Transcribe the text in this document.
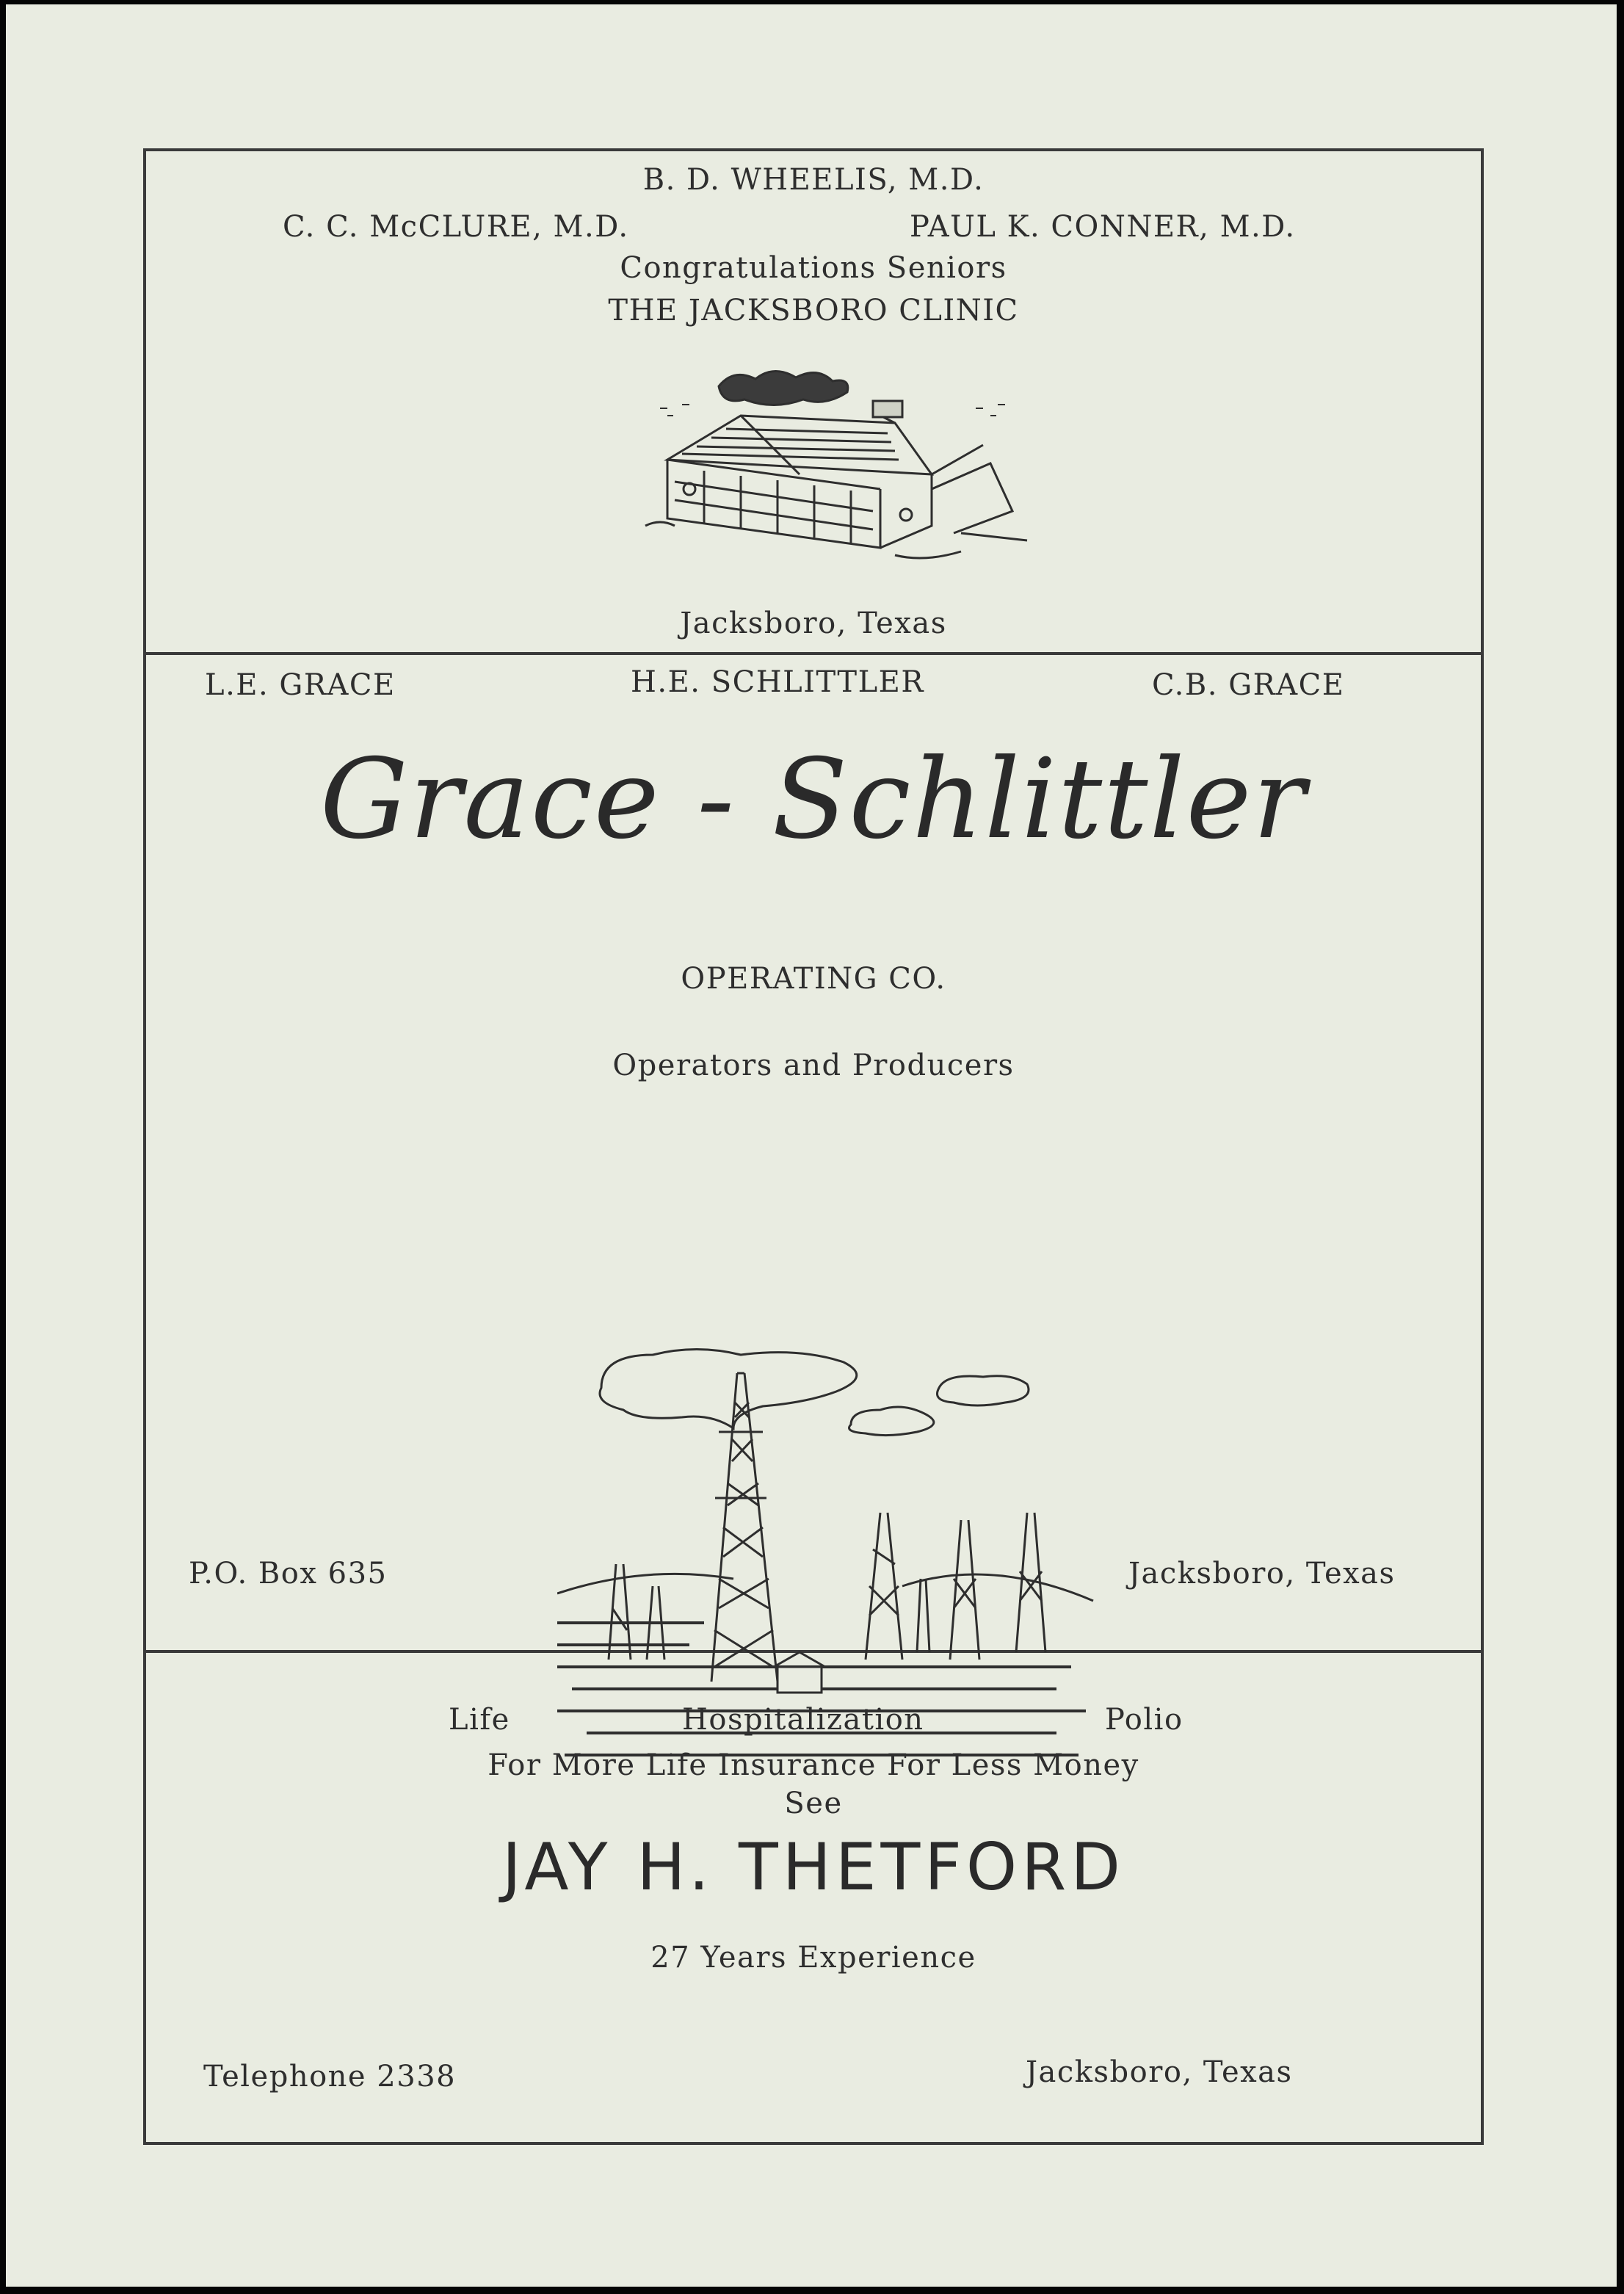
B. D. WHEELIS, M.D.
C. C. McCLURE, M.D.	PAUL K. CONNER, M.D.
Congratulations Seniors
THE JACKSBORO CLINIC
Jacksboro, Texas
L.E. GRACE	H.E. SCHLITTLER	C.B. GRACE
Grace - Schlittler
OPERATING CO.
Operators and Producers
P.O. Box 635	Jacksboro, Texas
Life	Hospitalization	Polio
For More Life Insurance For Less Money
See
JAY H. THETFORD
27 Years Experience
Telephone 2338	Jacksboro, Texas
